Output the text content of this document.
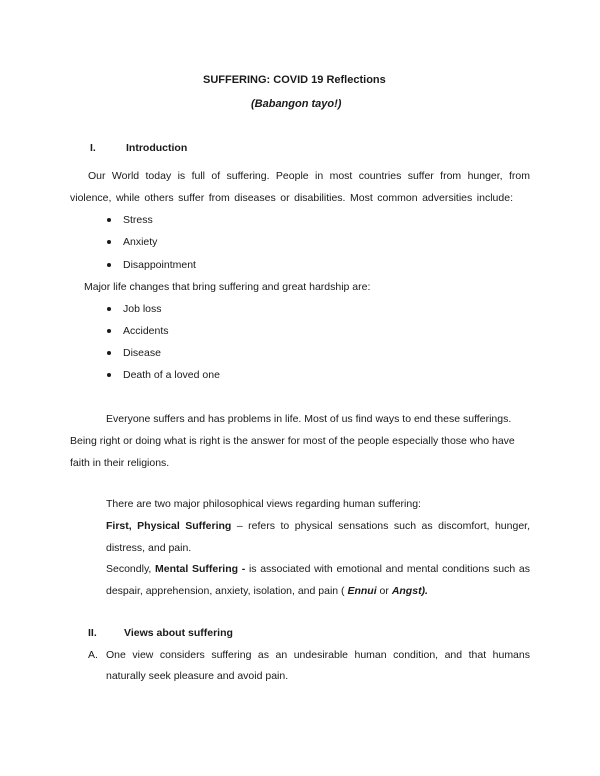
SUFFERING: COVID 19 Reflections
(Babangon tayo!)
I.	Introduction
Our World today is full of suffering. People in most countries suffer from hunger, from
violence, while others suffer from diseases or disabilities. Most common adversities include:
Stress
Anxiety
Disappointment
Major life changes that bring suffering and great hardship are:
Job loss
Accidents
Disease
Death of a loved one
Everyone suffers and has problems in life. Most of us find ways to end these sufferings.
Being right or doing what is right is the answer for most of the people especially those who have
faith in their religions.
There are two major philosophical views regarding human suffering:
First, Physical Suffering – refers to physical sensations such as discomfort, hunger,
distress, and pain.
Secondly, Mental Suffering - is associated with emotional and mental conditions such as
despair, apprehension, anxiety, isolation, and pain ( Ennui or Angst).
II.	Views about suffering
A. One view considers suffering as an undesirable human condition, and that humans
naturally seek pleasure and avoid pain.
